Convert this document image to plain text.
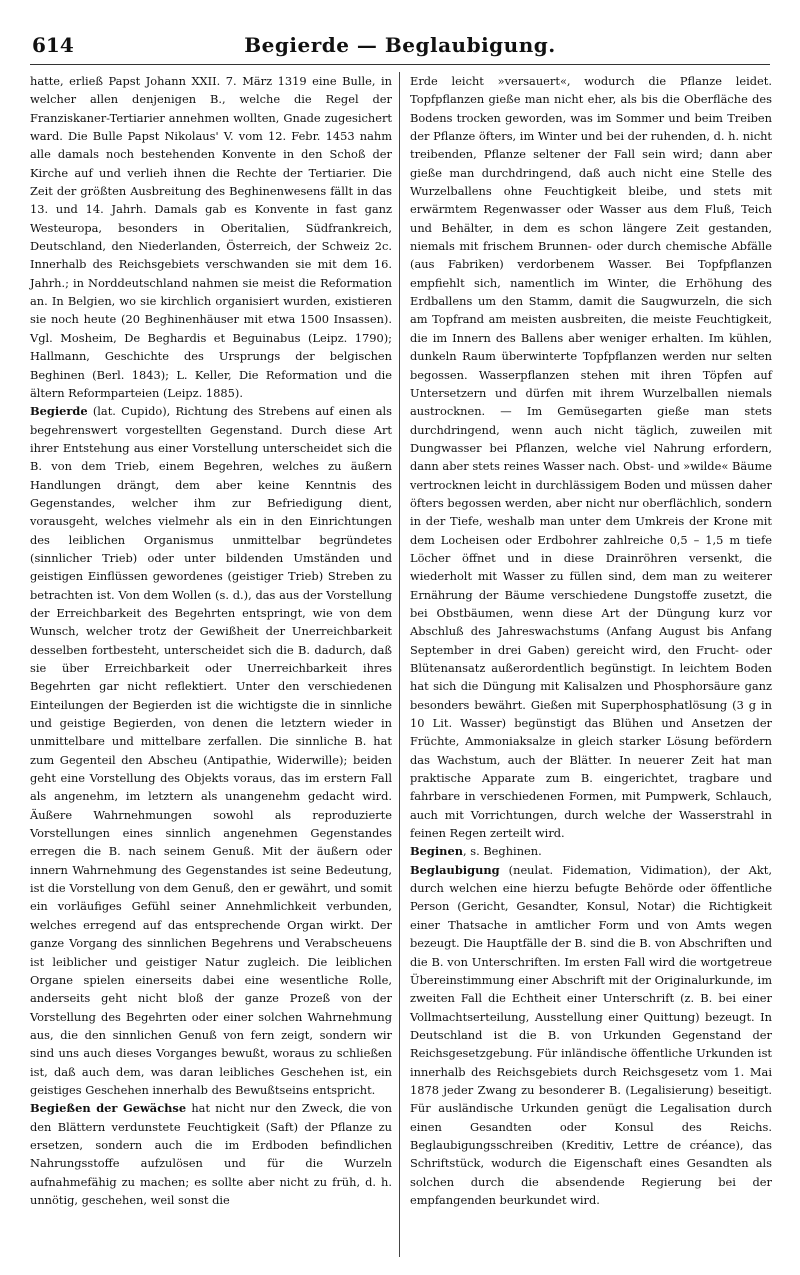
614	Begierde — Beglaubigung.

hatte, erließ Papst Johann XXII. 7. März 1319 eine Bulle, in welcher allen denjenigen B., welche die Regel der Franziskaner-Tertiarier annehmen wollten, Gnade zugesichert ward. Die Bulle Papst Nikolaus' V. vom 12. Febr. 1453 nahm alle damals noch bestehenden Konvente in den Schoß der Kirche auf und verlieh ihnen die Rechte der Tertiarier. Die Zeit der größten Ausbreitung des Beghinenwesens fällt in das 13. und 14. Jahrh. Damals gab es Konvente in fast ganz Westeuropa, besonders in Oberitalien, Südfrankreich, Deutschland, den Niederlanden, Österreich, der Schweiz 2c. Innerhalb des Reichsgebiets verschwanden sie mit dem 16. Jahrh.; in Norddeutschland nahmen sie meist die Reformation an. In Belgien, wo sie kirchlich organisiert wurden, existieren sie noch heute (20 Beghinenhäuser mit etwa 1500 Insassen). Vgl. Mosheim, De Beghardis et Beguinabus (Leipz. 1790); Hallmann, Geschichte des Ursprungs der belgischen Beghinen (Berl. 1843); L. Keller, Die Reformation und die ältern Reformparteien (Leipz. 1885).

Begierde (lat. Cupido), Richtung des Strebens auf einen als begehrenswert vorgestellten Gegenstand. Durch diese Art ihrer Entstehung aus einer Vorstellung unterscheidet sich die B. von dem Trieb, einem Begehren, welches zu äußern Handlungen drängt, dem aber keine Kenntnis des Gegenstandes, welcher ihm zur Befriedigung dient, vorausgeht, welches vielmehr als ein in den Einrichtungen des leiblichen Organismus unmittelbar begründetes (sinnlicher Trieb) oder unter bildenden Umständen und geistigen Einflüssen gewordenes (geistiger Trieb) Streben zu betrachten ist. Von dem Wollen (s. d.), das aus der Vorstellung der Erreichbarkeit des Begehrten entspringt, wie von dem Wunsch, welcher trotz der Gewißheit der Unerreichbarkeit desselben fortbesteht, unterscheidet sich die B. dadurch, daß sie über Erreichbarkeit oder Unerreichbarkeit ihres Begehrten gar nicht reflektiert. Unter den verschiedenen Einteilungen der Begierden ist die wichtigste die in sinnliche und geistige Begierden, von denen die letztern wieder in unmittelbare und mittelbare zerfallen. Die sinnliche B. hat zum Gegenteil den Abscheu (Antipathie, Widerwille); beiden geht eine Vorstellung des Objekts voraus, das im erstern Fall als angenehm, im letztern als unangenehm gedacht wird. Äußere Wahrnehmungen sowohl als reproduzierte Vorstellungen eines sinnlich angenehmen Gegenstandes erregen die B. nach seinem Genuß. Mit der äußern oder innern Wahrnehmung des Gegenstandes ist seine Bedeutung, ist die Vorstellung von dem Genuß, den er gewährt, und somit ein vorläufiges Gefühl seiner Annehmlichkeit verbunden, welches erregend auf das entsprechende Organ wirkt. Der ganze Vorgang des sinnlichen Begehrens und Verabscheuens ist leiblicher und geistiger Natur zugleich. Die leiblichen Organe spielen einerseits dabei eine wesentliche Rolle, anderseits geht nicht bloß der ganze Prozeß von der Vorstellung des Begehrten oder einer solchen Wahrnehmung aus, die den sinnlichen Genuß von fern zeigt, sondern wir sind uns auch dieses Vorganges bewußt, woraus zu schließen ist, daß auch dem, was daran leibliches Geschehen ist, ein geistiges Geschehen innerhalb des Bewußtseins entspricht.

Begießen der Gewächse hat nicht nur den Zweck, die von den Blättern verdunstete Feuchtigkeit (Saft) der Pflanze zu ersetzen, sondern auch die im Erdboden befindlichen Nahrungsstoffe aufzulösen und für die Wurzeln aufnahmefähig zu machen; es sollte aber nicht zu früh, d. h. unnötig, geschehen, weil sonst die

Erde leicht »versauert«, wodurch die Pflanze leidet. Topfpflanzen gieße man nicht eher, als bis die Oberfläche des Bodens trocken geworden, was im Sommer und beim Treiben der Pflanze öfters, im Winter und bei der ruhenden, d. h. nicht treibenden, Pflanze seltener der Fall sein wird; dann aber gieße man durchdringend, daß auch nicht eine Stelle des Wurzelballens ohne Feuchtigkeit bleibe, und stets mit erwärmtem Regenwasser oder Wasser aus dem Fluß, Teich und Behälter, in dem es schon längere Zeit gestanden, niemals mit frischem Brunnen- oder durch chemische Abfälle (aus Fabriken) verdorbenem Wasser. Bei Topfpflanzen empfiehlt sich, namentlich im Winter, die Erhöhung des Erdballens um den Stamm, damit die Saugwurzeln, die sich am Topfrand am meisten ausbreiten, die meiste Feuchtigkeit, die im Innern des Ballens aber weniger erhalten. Im kühlen, dunkeln Raum überwinterte Topfpflanzen werden nur selten begossen. Wasserpflanzen stehen mit ihren Töpfen auf Untersetzern und dürfen mit ihrem Wurzelballen niemals austrocknen. — Im Gemüsegarten gieße man stets durchdringend, wenn auch nicht täglich, zuweilen mit Dungwasser bei Pflanzen, welche viel Nahrung erfordern, dann aber stets reines Wasser nach. Obst- und »wilde« Bäume vertrocknen leicht in durchlässigem Boden und müssen daher öfters begossen werden, aber nicht nur oberflächlich, sondern in der Tiefe, weshalb man unter dem Umkreis der Krone mit dem Locheisen oder Erdbohrer zahlreiche 0,5 – 1,5 m tiefe Löcher öffnet und in diese Drainröhren versenkt, die wiederholt mit Wasser zu füllen sind, dem man zu weiterer Ernährung der Bäume verschiedene Dungstoffe zusetzt, die bei Obstbäumen, wenn diese Art der Düngung kurz vor Abschluß des Jahreswachstums (Anfang August bis Anfang September in drei Gaben) gereicht wird, den Frucht- oder Blütenansatz außerordentlich begünstigt. In leichtem Boden hat sich die Düngung mit Kalisalzen und Phosphorsäure ganz besonders bewährt. Gießen mit Superphosphatlösung (3 g in 10 Lit. Wasser) begünstigt das Blühen und Ansetzen der Früchte, Ammoniaksalze in gleich starker Lösung befördern das Wachstum, auch der Blätter. In neuerer Zeit hat man praktische Apparate zum B. eingerichtet, tragbare und fahrbare in verschiedenen Formen, mit Pumpwerk, Schlauch, auch mit Vorrichtungen, durch welche der Wasserstrahl in feinen Regen zerteilt wird.

Beginen, s. Beghinen.

Beglaubigung (neulat. Fidemation, Vidimation), der Akt, durch welchen eine hierzu befugte Behörde oder öffentliche Person (Gericht, Gesandter, Konsul, Notar) die Richtigkeit einer Thatsache in amtlicher Form und von Amts wegen bezeugt. Die Hauptfälle der B. sind die B. von Abschriften und die B. von Unterschriften. Im ersten Fall wird die wortgetreue Übereinstimmung einer Abschrift mit der Originalurkunde, im zweiten Fall die Echtheit einer Unterschrift (z. B. bei einer Vollmachtserteilung, Ausstellung einer Quittung) bezeugt. In Deutschland ist die B. von Urkunden Gegenstand der Reichsgesetzgebung. Für inländische öffentliche Urkunden ist innerhalb des Reichsgebiets durch Reichsgesetz vom 1. Mai 1878 jeder Zwang zu besonderer B. (Legalisierung) beseitigt. Für ausländische Urkunden genügt die Legalisation durch einen Gesandten oder Konsul des Reichs. Beglaubigungsschreiben (Kreditiv, Lettre de créance), das Schriftstück, wodurch die Eigenschaft eines Gesandten als solchen durch die absendende Regierung bei der empfangenden beurkundet wird.
